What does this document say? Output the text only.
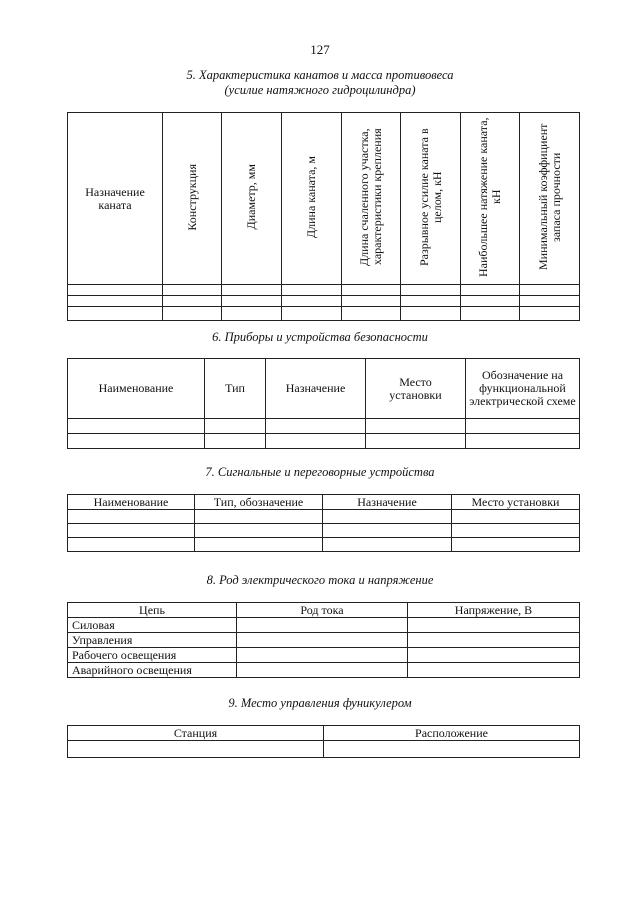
127
5. Характеристика канатов и масса противовеса
(усилие натяжного гидроцилиндра)
Назначение каната	Конструкция	Диаметр, мм	Длина каната, м	Длина счаленного участка, характеристики крепления	Разрывное усилие каната в целом, кН	Наибольшее натяжение каната, кН	Минимальный коэффициент запаса прочности

6. Приборы и устройства безопасности
Наименование	Тип	Назначение	Место установки	Обозначение на функциональной электрической схеме

7. Сигнальные и переговорные устройства
Наименование	Тип, обозначение	Назначение	Место установки

8. Род электрического тока и напряжение
Цепь	Род тока	Напряжение, В
Силовая		
Управления		
Рабочего освещения		
Аварийного освещения		
9. Место управления фуникулером
Станция	Расположение
